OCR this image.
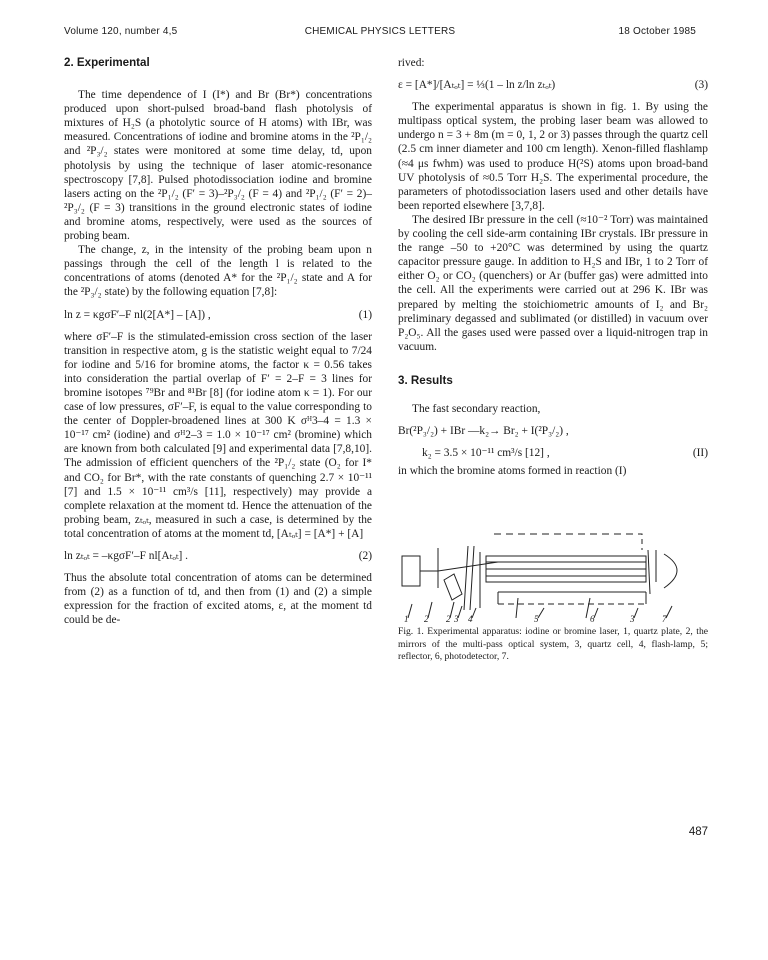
Volume 120, number 4,5	CHEMICAL PHYSICS LETTERS	18 October 1985
2. Experimental

The time dependence of I (I*) and Br (Br*) concentrations produced upon short-pulsed broad-band flash photolysis of mixtures of H₂S (a photolytic source of H atoms) with IBr, was measured. Concentrations of iodine and bromine atoms in the ²P₁/₂ and ²P₃/₂ states were monitored at some time delay, td, upon photolysis by using the technique of laser atomic-resonance spectroscopy [7,8]. Pulsed photodissociation iodine and bromine lasers acting on the ²P₁/₂ (F′ = 3)–²P₃/₂ (F = 4) and ²P₁/₂ (F′ = 2)–²P₃/₂ (F = 3) transitions in the ground electronic states of iodine and bromine atoms, respectively, were used as the sources of probing beam.

The change, z, in the intensity of the probing beam upon n passings through the cell of the length l is related to the concentrations of atoms (denoted A* for the ²P₁/₂ state and A for the ²P₃/₂ state) by the following equation [7,8]:

ln z = κgσF′–F nl(2[A*] – [A]) ,	(1)

where σF′–F is the stimulated-emission cross section of the laser transition in respective atom, g is the statistic weight equal to 7/24 for iodine and 5/16 for bromine atoms, the factor κ = 0.56 takes into consideration the partial overlap of F′ = 2–F = 3 lines for bromine isotopes ⁷⁹Br and ⁸¹Br [8] (for iodine atom κ = 1). For our case of low pressures, σF′–F, is equal to the value corresponding to the center of Doppler-broadened lines at 300 K σᴴ3–4 = 1.3 × 10⁻¹⁷ cm² (iodine) and σᴴ2–3 = 1.0 × 10⁻¹⁷ cm² (bromine) which are known from both calculated [9] and experimental data [7,8,10]. The admission of efficient quenchers of the ²P₁/₂ state (O₂ for I* and CO₂ for Br*, with the rate constants of quenching 2.7 × 10⁻¹¹ [7] and 1.5 × 10⁻¹¹ cm³/s [11], respectively) may provide a complete relaxation at the moment td. Hence the attenuation of the probing beam, zₜₒₜ, measured in such a case, is determined by the total concentration of atoms at the moment td, [Aₜₒₜ] = [A*] + [A]

ln zₜₒₜ = –κgσF′–F nl[Aₜₒₜ] .	(2)

Thus the absolute total concentration of atoms can be determined from (2) as a function of td, and then from (1) and (2) a simple expression for the fraction of excited atoms, ε, at the moment td could be de-

rived:

ε = [A*]/[Aₜₒₜ] = ⅓(1 – ln z/ln zₜₒₜ)	(3)

The experimental apparatus is shown in fig. 1. By using the multipass optical system, the probing laser beam was allowed to undergo n = 3 + 8m (m = 0, 1, 2 or 3) passes through the quartz cell (2.5 cm inner diameter and 100 cm length). Xenon-filled flashlamp (≈4 μs fwhm) was used to produce H(²S) atoms upon broad-band UV photolysis of ≈0.5 Torr H₂S. The experimental procedure, the parameters of photodissociation lasers used and other details have been reported elsewhere [3,7,8].

The desired IBr pressure in the cell (≈10⁻² Torr) was maintained by cooling the cell side-arm containing IBr crystals. IBr pressure in the range –50 to +20°C was determined by using the quartz capacitor pressure gauge. In addition to H₂S and IBr, 1 to 2 Torr of either O₂ or CO₂ (quenchers) or Ar (buffer gas) were admitted into the cell. All the experiments were carried out at 296 K. IBr was prepared by melting the stoichiometric amounts of I₂ and Br₂ preliminary degassed and sublimated (or distilled) in vacuum over P₂O₅. All the gases used were passed over a liquid-nitrogen trap in vacuum.

3. Results

The fast secondary reaction,

Br(²P₃/₂) + IBr —k₂→ Br₂ + I(²P₃/₂) ,
k₂ = 3.5 × 10⁻¹¹ cm³/s [12] ,	(II)

in which the bromine atoms formed in reaction (I)

1 2 2 3 4	5	6	3	7

Fig. 1. Experimental apparatus: iodine or bromine laser, 1, quartz plate, 2, the mirrors of the multi-pass optical system, 3, quartz cell, 4, flash-lamp, 5; reflector, 6, photodetector, 7.

487
